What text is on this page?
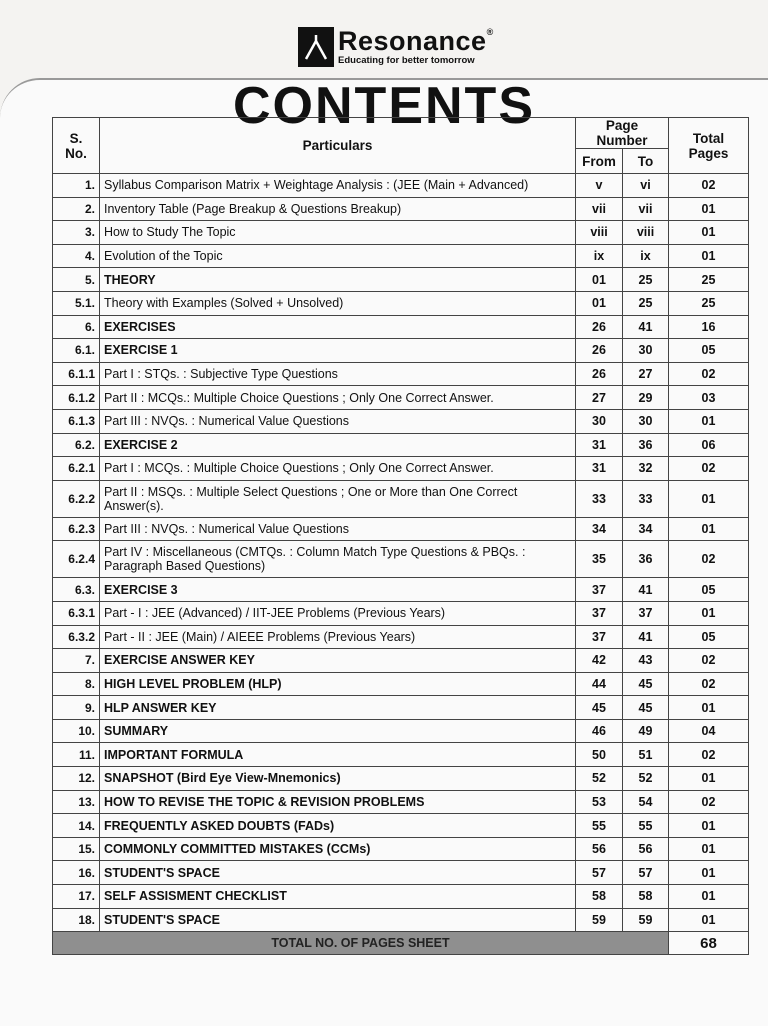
Resonance®
Educating for better tomorrow
CONTENTS
S. No.	Particulars	Page Number		Total Pages
		From	To	
1.	Syllabus Comparison Matrix + Weightage Analysis : (JEE (Main + Advanced)	v	vi	02
2.	Inventory Table (Page Breakup & Questions Breakup)	vii	vii	01
3.	How to Study The Topic	viii	viii	01
4.	Evolution of the Topic	ix	ix	01
5.	THEORY	01	25	25
5.1.	Theory with Examples (Solved + Unsolved)	01	25	25
6.	EXERCISES	26	41	16
6.1.	EXERCISE 1	26	30	05
6.1.1	Part I : STQs. : Subjective Type Questions	26	27	02
6.1.2	Part II : MCQs.: Multiple Choice Questions ; Only One Correct Answer.	27	29	03
6.1.3	Part III : NVQs. : Numerical Value Questions	30	30	01
6.2.	EXERCISE 2	31	36	06
6.2.1	Part I : MCQs. : Multiple Choice Questions ; Only One Correct Answer.	31	32	02
6.2.2	Part II : MSQs. : Multiple Select Questions ; One or More than One Correct Answer(s).	33	33	01
6.2.3	Part III : NVQs. : Numerical Value Questions	34	34	01
6.2.4	Part IV : Miscellaneous (CMTQs. : Column Match Type Questions & PBQs. : Paragraph Based Questions)	35	36	02
6.3.	EXERCISE 3	37	41	05
6.3.1	Part - I : JEE (Advanced) / IIT-JEE Problems (Previous Years)	37	37	01
6.3.2	Part - II : JEE (Main) / AIEEE Problems (Previous Years)	37	41	05
7.	EXERCISE ANSWER KEY	42	43	02
8.	HIGH LEVEL PROBLEM (HLP)	44	45	02
9.	HLP ANSWER KEY	45	45	01
10.	SUMMARY	46	49	04
11.	IMPORTANT FORMULA	50	51	02
12.	SNAPSHOT (Bird Eye View-Mnemonics)	52	52	01
13.	HOW TO REVISE THE TOPIC & REVISION PROBLEMS	53	54	02
14.	FREQUENTLY ASKED DOUBTS (FADs)	55	55	01
15.	COMMONLY COMMITTED MISTAKES (CCMs)	56	56	01
16.	STUDENT'S SPACE	57	57	01
17.	SELF ASSISMENT CHECKLIST	58	58	01
18.	STUDENT'S SPACE	59	59	01
TOTAL NO. OF PAGES SHEET				68
